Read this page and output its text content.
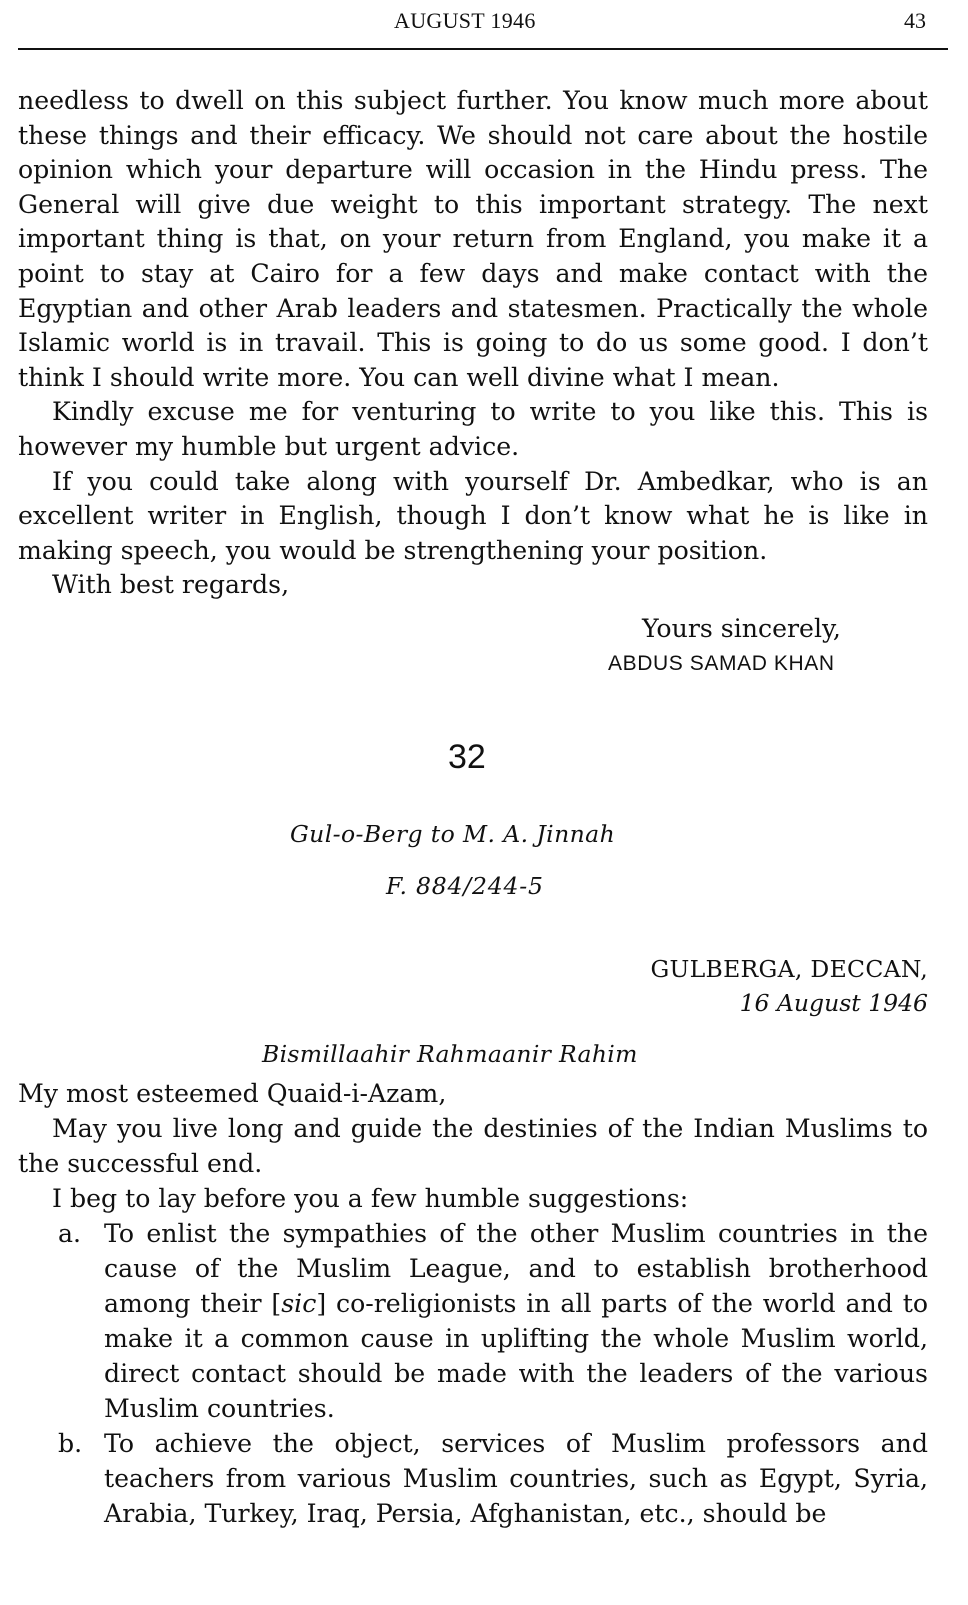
AUGUST 1946	43

needless to dwell on this subject further. You know much more about these things and their efficacy. We should not care about the hostile opinion which your departure will occasion in the Hindu press. The General will give due weight to this important strategy. The next important thing is that, on your return from England, you make it a point to stay at Cairo for a few days and make contact with the Egyptian and other Arab leaders and statesmen. Practically the whole Islamic world is in travail. This is going to do us some good. I don’t think I should write more. You can well divine what I mean.

Kindly excuse me for venturing to write to you like this. This is however my humble but urgent advice.

If you could take along with yourself Dr. Ambedkar, who is an excellent writer in English, though I don’t know what he is like in making speech, you would be strengthening your position.

With best regards,

Yours sincerely,
ABDUS SAMAD KHAN
32
Gul-o-Berg to M. A. Jinnah
F. 884/244-5
GULBERGA, DECCAN,
16 August 1946
Bismillaahir Rahmaanir Rahim

My most esteemed Quaid-i-Azam,

May you live long and guide the destinies of the Indian Muslims to the successful end.

I beg to lay before you a few humble suggestions:

a. To enlist the sympathies of the other Muslim countries in the cause of the Muslim League, and to establish brotherhood among their [sic] co-religionists in all parts of the world and to make it a common cause in uplifting the whole Muslim world, direct contact should be made with the leaders of the various Muslim countries.
b. To achieve the object, services of Muslim professors and teachers from various Muslim countries, such as Egypt, Syria, Arabia, Turkey, Iraq, Persia, Afghanistan, etc., should be
